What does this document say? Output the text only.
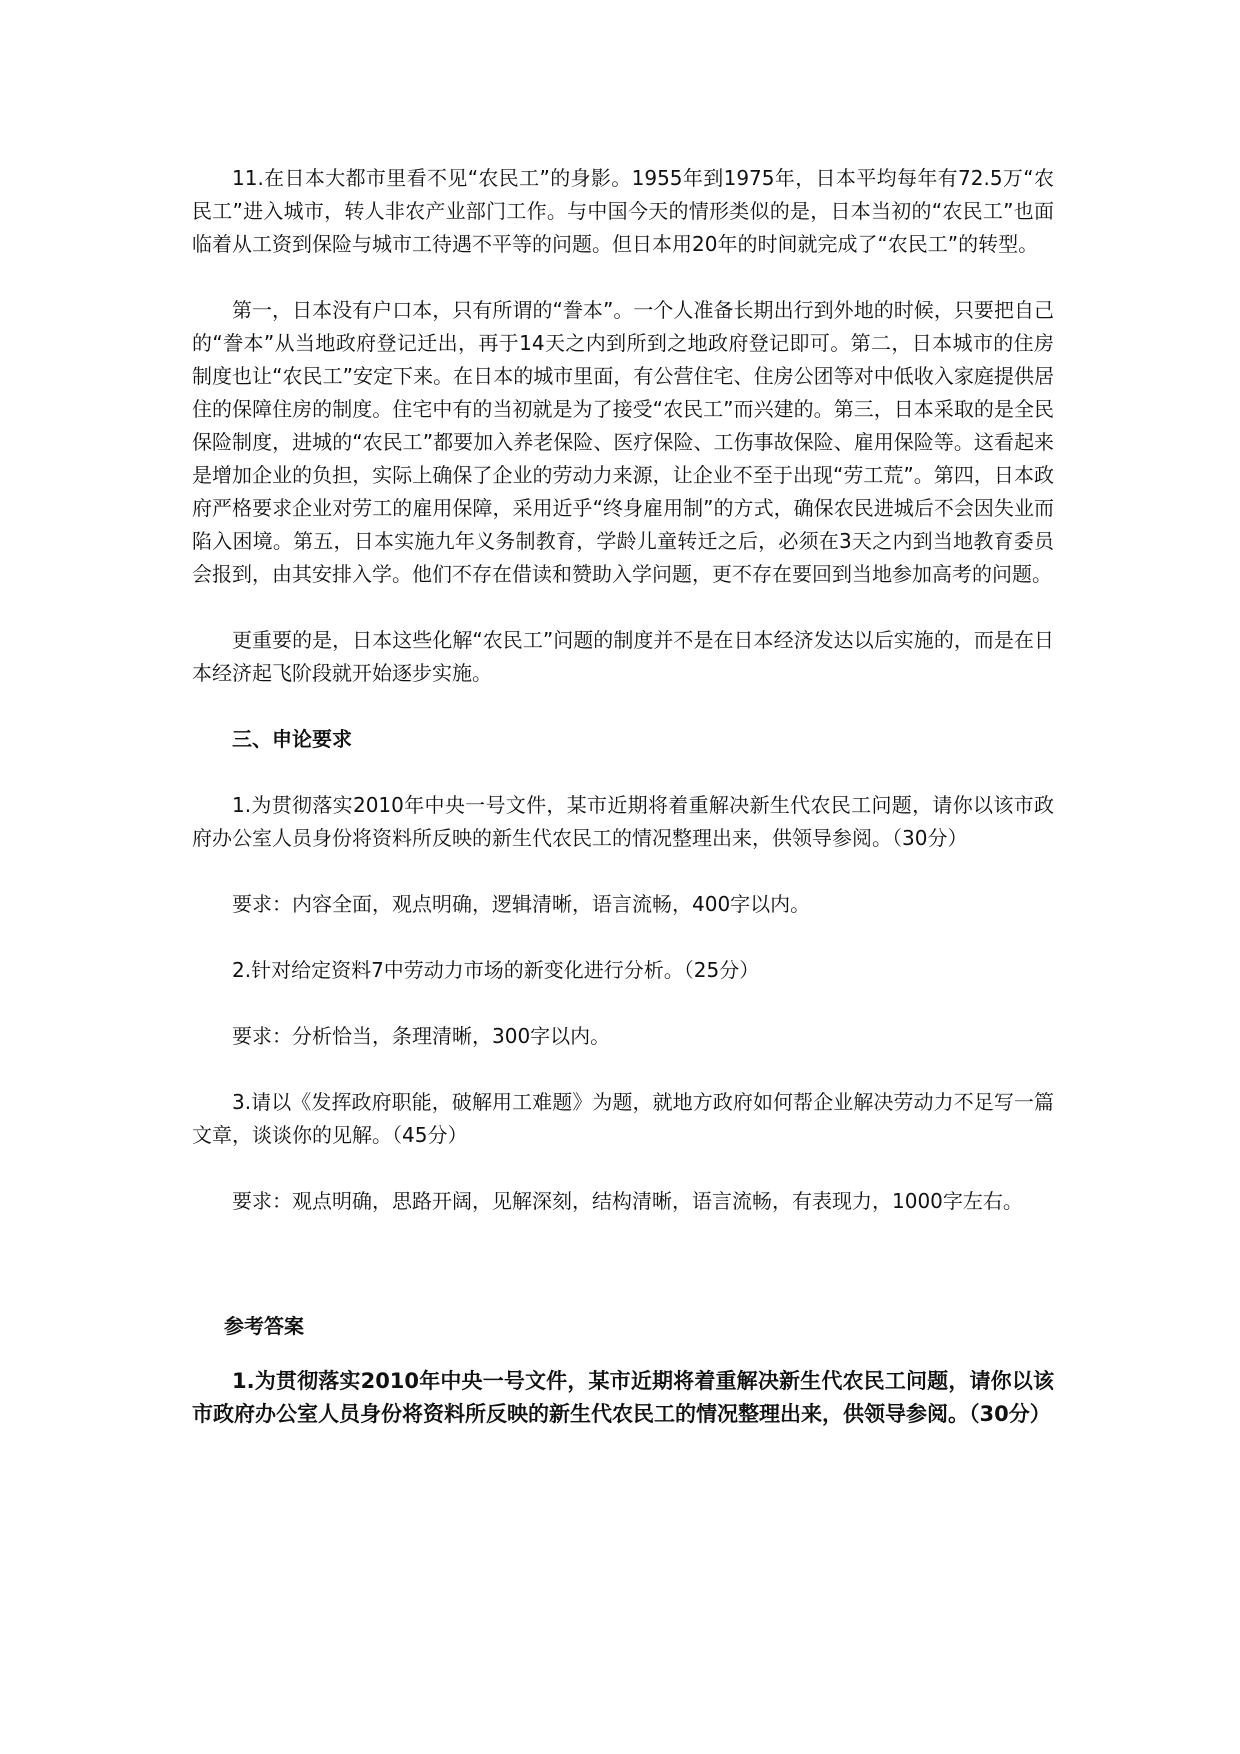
11.在日本大都市里看不见“农民工”的身影。1955年到1975年，日本平均每年有72.5万“农民工”进入城市，转人非农产业部门工作。与中国今天的情形类似的是，日本当初的“农民工”也面临着从工资到保险与城市工待遇不平等的问题。但日本用20年的时间就完成了“农民工”的转型。

第一，日本没有户口本，只有所谓的“誊本”。一个人准备长期出行到外地的时候，只要把自己的“誊本”从当地政府登记迁出，再于14天之内到所到之地政府登记即可。第二，日本城市的住房制度也让“农民工”安定下来。在日本的城市里面，有公营住宅、住房公团等对中低收入家庭提供居住的保障住房的制度。住宅中有的当初就是为了接受“农民工”而兴建的。第三，日本采取的是全民保险制度，进城的“农民工”都要加入养老保险、医疗保险、工伤事故保险、雇用保险等。这看起来是增加企业的负担，实际上确保了企业的劳动力来源，让企业不至于出现“劳工荒”。第四，日本政府严格要求企业对劳工的雇用保障，采用近乎“终身雇用制”的方式，确保农民进城后不会因失业而陷入困境。第五，日本实施九年义务制教育，学龄儿童转迁之后，必须在3天之内到当地教育委员会报到，由其安排入学。他们不存在借读和赞助入学问题，更不存在要回到当地参加高考的问题。

更重要的是，日本这些化解“农民工”问题的制度并不是在日本经济发达以后实施的，而是在日本经济起飞阶段就开始逐步实施。

三、申论要求

1.为贯彻落实2010年中央一号文件，某市近期将着重解决新生代农民工问题，请你以该市政府办公室人员身份将资料所反映的新生代农民工的情况整理出来，供领导参阅。（30分）

要求：内容全面，观点明确，逻辑清晰，语言流畅，400字以内。

2.针对给定资料7中劳动力市场的新变化进行分析。（25分）

要求：分析恰当，条理清晰，300字以内。

3.请以《发挥政府职能，破解用工难题》为题，就地方政府如何帮企业解决劳动力不足写一篇文章，谈谈你的见解。（45分）

要求：观点明确，思路开阔，见解深刻，结构清晰，语言流畅，有表现力，1000字左右。

参考答案

1.为贯彻落实2010年中央一号文件，某市近期将着重解决新生代农民工问题，请你以该市政府办公室人员身份将资料所反映的新生代农民工的情况整理出来，供领导参阅。（30分）
